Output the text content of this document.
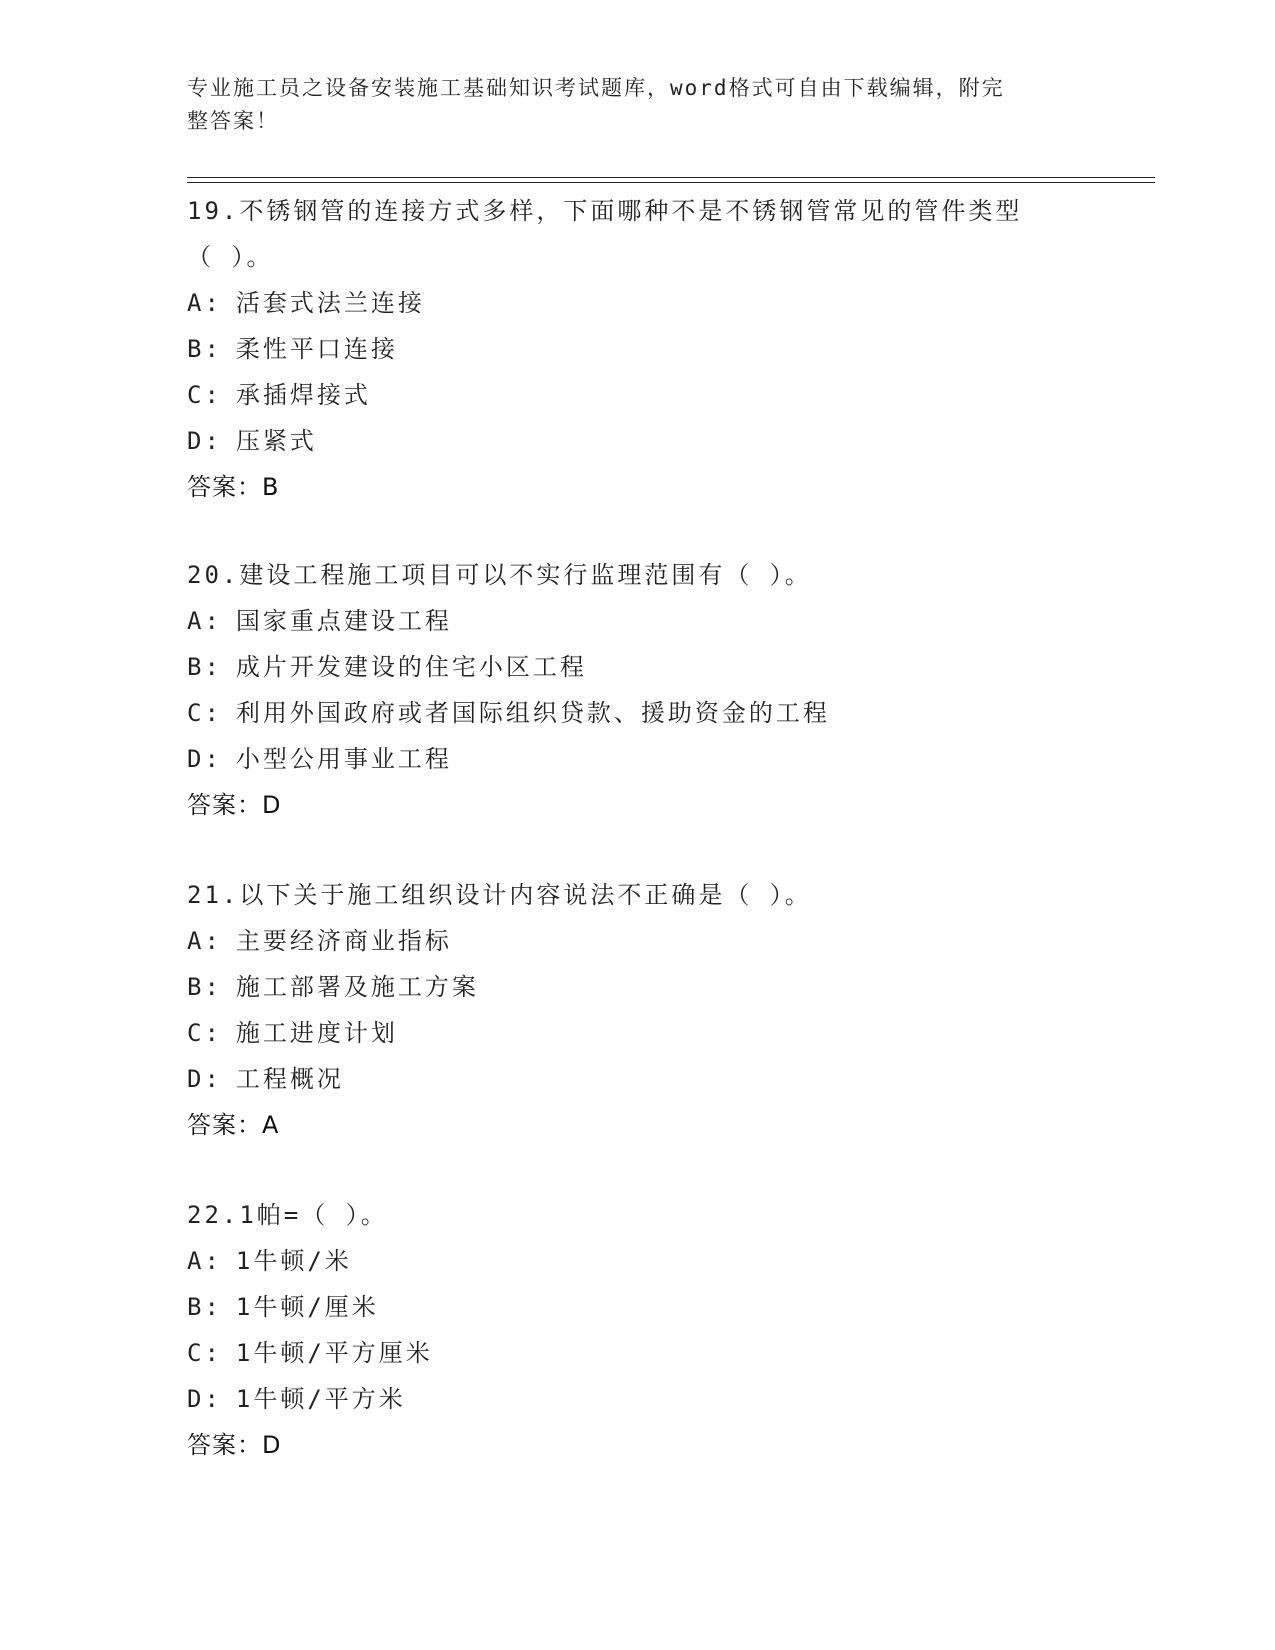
专业施工员之设备安装施工基础知识考试题库，word格式可自由下载编辑，附完
整答案！
19.不锈钢管的连接方式多样，下面哪种不是不锈钢管常见的管件类型
（ ）。
A: 活套式法兰连接
B: 柔性平口连接
C: 承插焊接式
D: 压紧式
答案：B
20.建设工程施工项目可以不实行监理范围有（ ）。
A: 国家重点建设工程
B: 成片开发建设的住宅小区工程
C: 利用外国政府或者国际组织贷款、援助资金的工程
D: 小型公用事业工程
答案：D
21.以下关于施工组织设计内容说法不正确是（ ）。
A: 主要经济商业指标
B: 施工部署及施工方案
C: 施工进度计划
D: 工程概况
答案：A
22.1帕=（ ）。
A: 1牛顿/米
B: 1牛顿/厘米
C: 1牛顿/平方厘米
D: 1牛顿/平方米
答案：D
